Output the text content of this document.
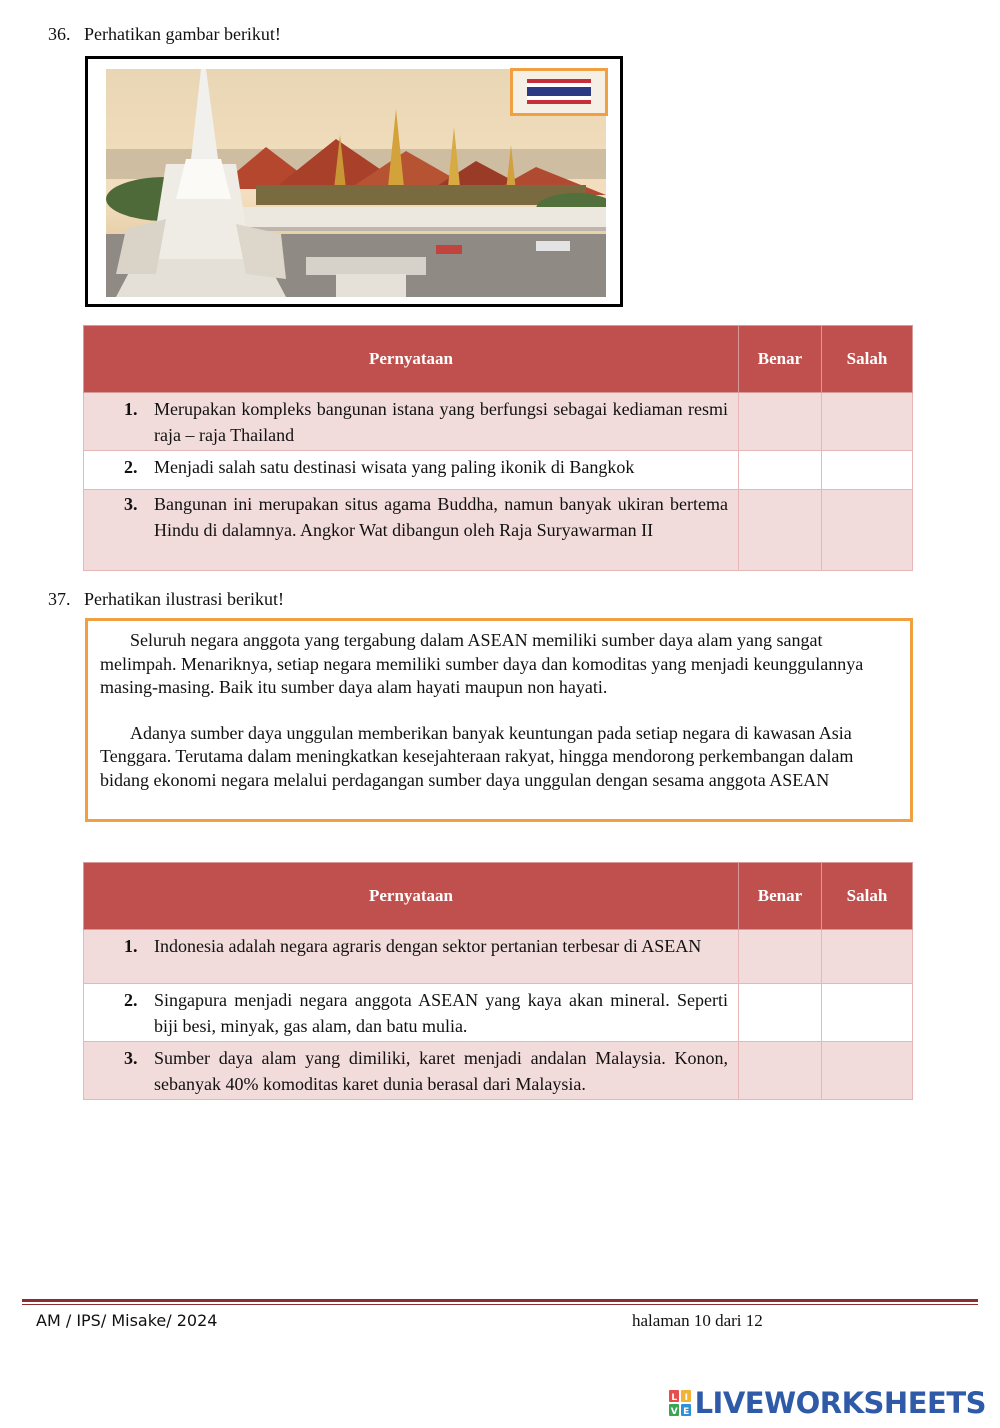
36. Perhatikan gambar berikut!
Pernyataan	Benar	Salah

1. Merupakan kompleks bangunan istana yang berfungsi sebagai kediaman resmi raja – raja Thailand		

2. Menjadi salah satu destinasi wisata yang paling ikonik di Bangkok		

3. Bangunan ini merupakan situs agama Buddha, namun banyak ukiran bertema Hindu di dalamnya. Angkor Wat dibangun oleh Raja Suryawarman II		

37. Perhatikan ilustrasi berikut!

Seluruh negara anggota yang tergabung dalam ASEAN memiliki sumber daya alam yang sangat melimpah. Menariknya, setiap negara memiliki sumber daya dan komoditas yang menjadi keunggulannya masing-masing. Baik itu sumber daya alam hayati maupun non hayati.

Adanya sumber daya unggulan memberikan banyak keuntungan pada setiap negara di kawasan Asia Tenggara. Terutama dalam meningkatkan kesejahteraan rakyat, hingga mendorong perkembangan dalam bidang ekonomi negara melalui perdagangan sumber daya unggulan dengan sesama anggota ASEAN

Pernyataan	Benar	Salah

1. Indonesia adalah negara agraris dengan sektor pertanian terbesar di ASEAN		

2. Singapura menjadi negara anggota ASEAN yang kaya akan mineral. Seperti biji besi, minyak, gas alam, dan batu mulia.		

3. Sumber daya alam yang dimiliki, karet menjadi andalan Malaysia. Konon, sebanyak 40% komoditas karet dunia berasal dari Malaysia.		

AM / IPS/ Misake/ 2024	halaman 10 dari 12
L I
V E LIVEWORKSHEETS
